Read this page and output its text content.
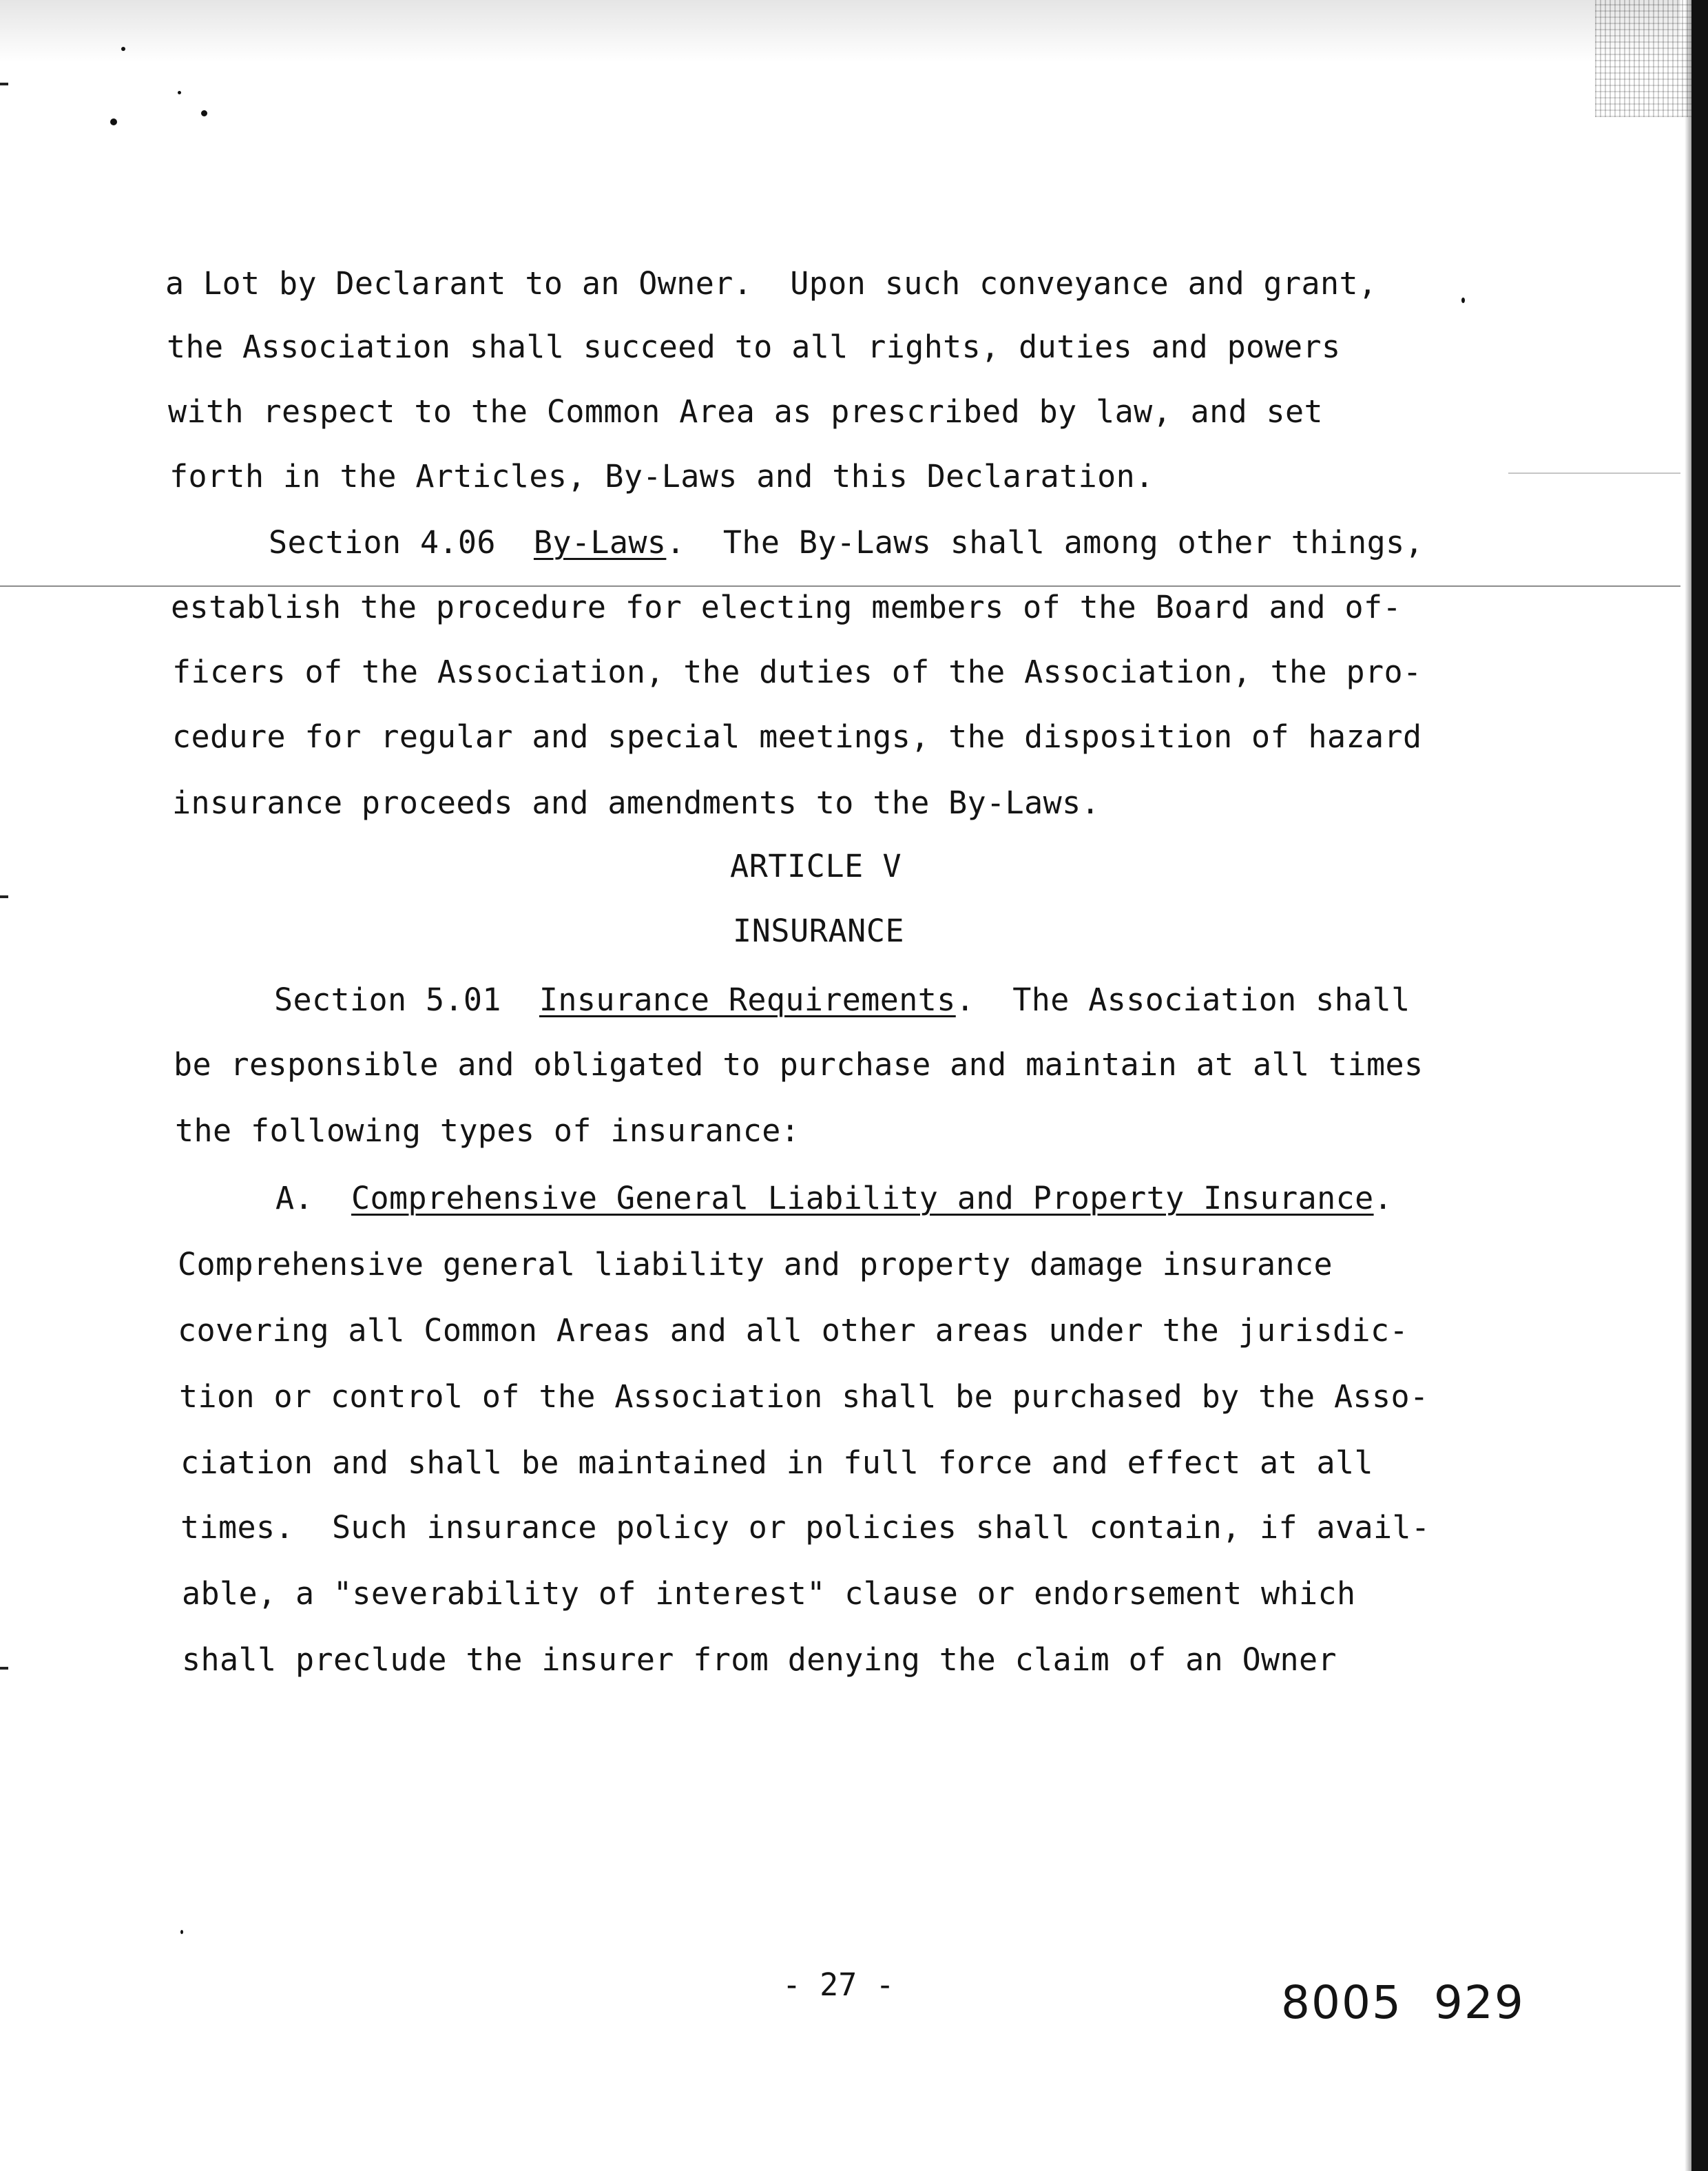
a Lot by Declarant to an Owner.  Upon such conveyance and grant,
the Association shall succeed to all rights, duties and powers
with respect to the Common Area as prescribed by law, and set
forth in the Articles, By-Laws and this Declaration.
Section 4.06 By-Laws.  The By-Laws shall among other things,
establish the procedure for electing members of the Board and of-
ficers of the Association, the duties of the Association, the pro-
cedure for regular and special meetings, the disposition of hazard
insurance proceeds and amendments to the By-Laws.
ARTICLE V
INSURANCE
Section 5.01 Insurance Requirements.  The Association shall
be responsible and obligated to purchase and maintain at all times
the following types of insurance:
A. Comprehensive General Liability and Property Insurance.
Comprehensive general liability and property damage insurance
covering all Common Areas and all other areas under the jurisdic-
tion or control of the Association shall be purchased by the Asso-
ciation and shall be maintained in full force and effect at all
times.  Such insurance policy or policies shall contain, if avail-
able, a "severability of interest" clause or endorsement which
shall preclude the insurer from denying the claim of an Owner
- 27 -	8005  929
